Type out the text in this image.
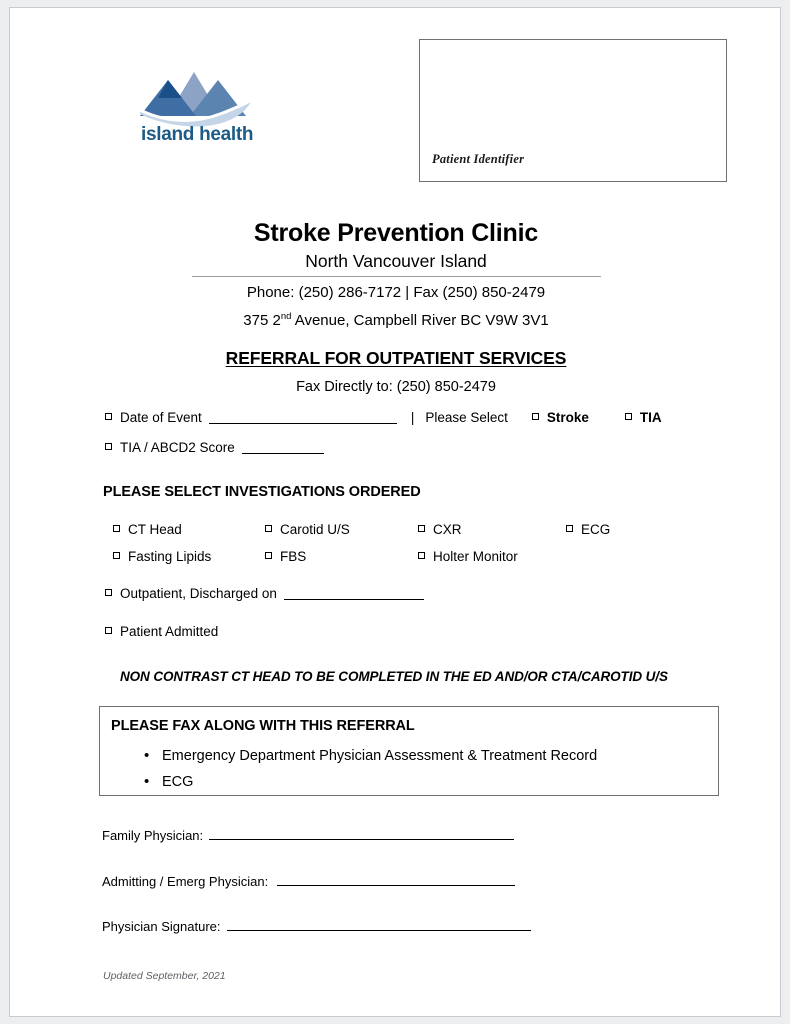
island health
Patient Identifier
Stroke Prevention Clinic
North Vancouver Island
Phone: (250) 286-7172 | Fax (250) 850-2479
375 2nd Avenue, Campbell River BC V9W 3V1
REFERRAL FOR OUTPATIENT SERVICES
Fax Directly to: (250) 850-2479
Date of Event	| Please Select	Stroke	TIA
TIA / ABCD2 Score
PLEASE SELECT INVESTIGATIONS ORDERED
CT Head	Carotid U/S	CXR	ECG
Fasting Lipids	FBS	Holter Monitor
Outpatient, Discharged on
Patient Admitted
NON CONTRAST CT HEAD TO BE COMPLETED IN THE ED AND/OR CTA/CAROTID U/S
PLEASE FAX ALONG WITH THIS REFERRAL
• Emergency Department Physician Assessment & Treatment Record
• ECG
Family Physician:
Admitting / Emerg Physician:
Physician Signature:
Updated September, 2021
